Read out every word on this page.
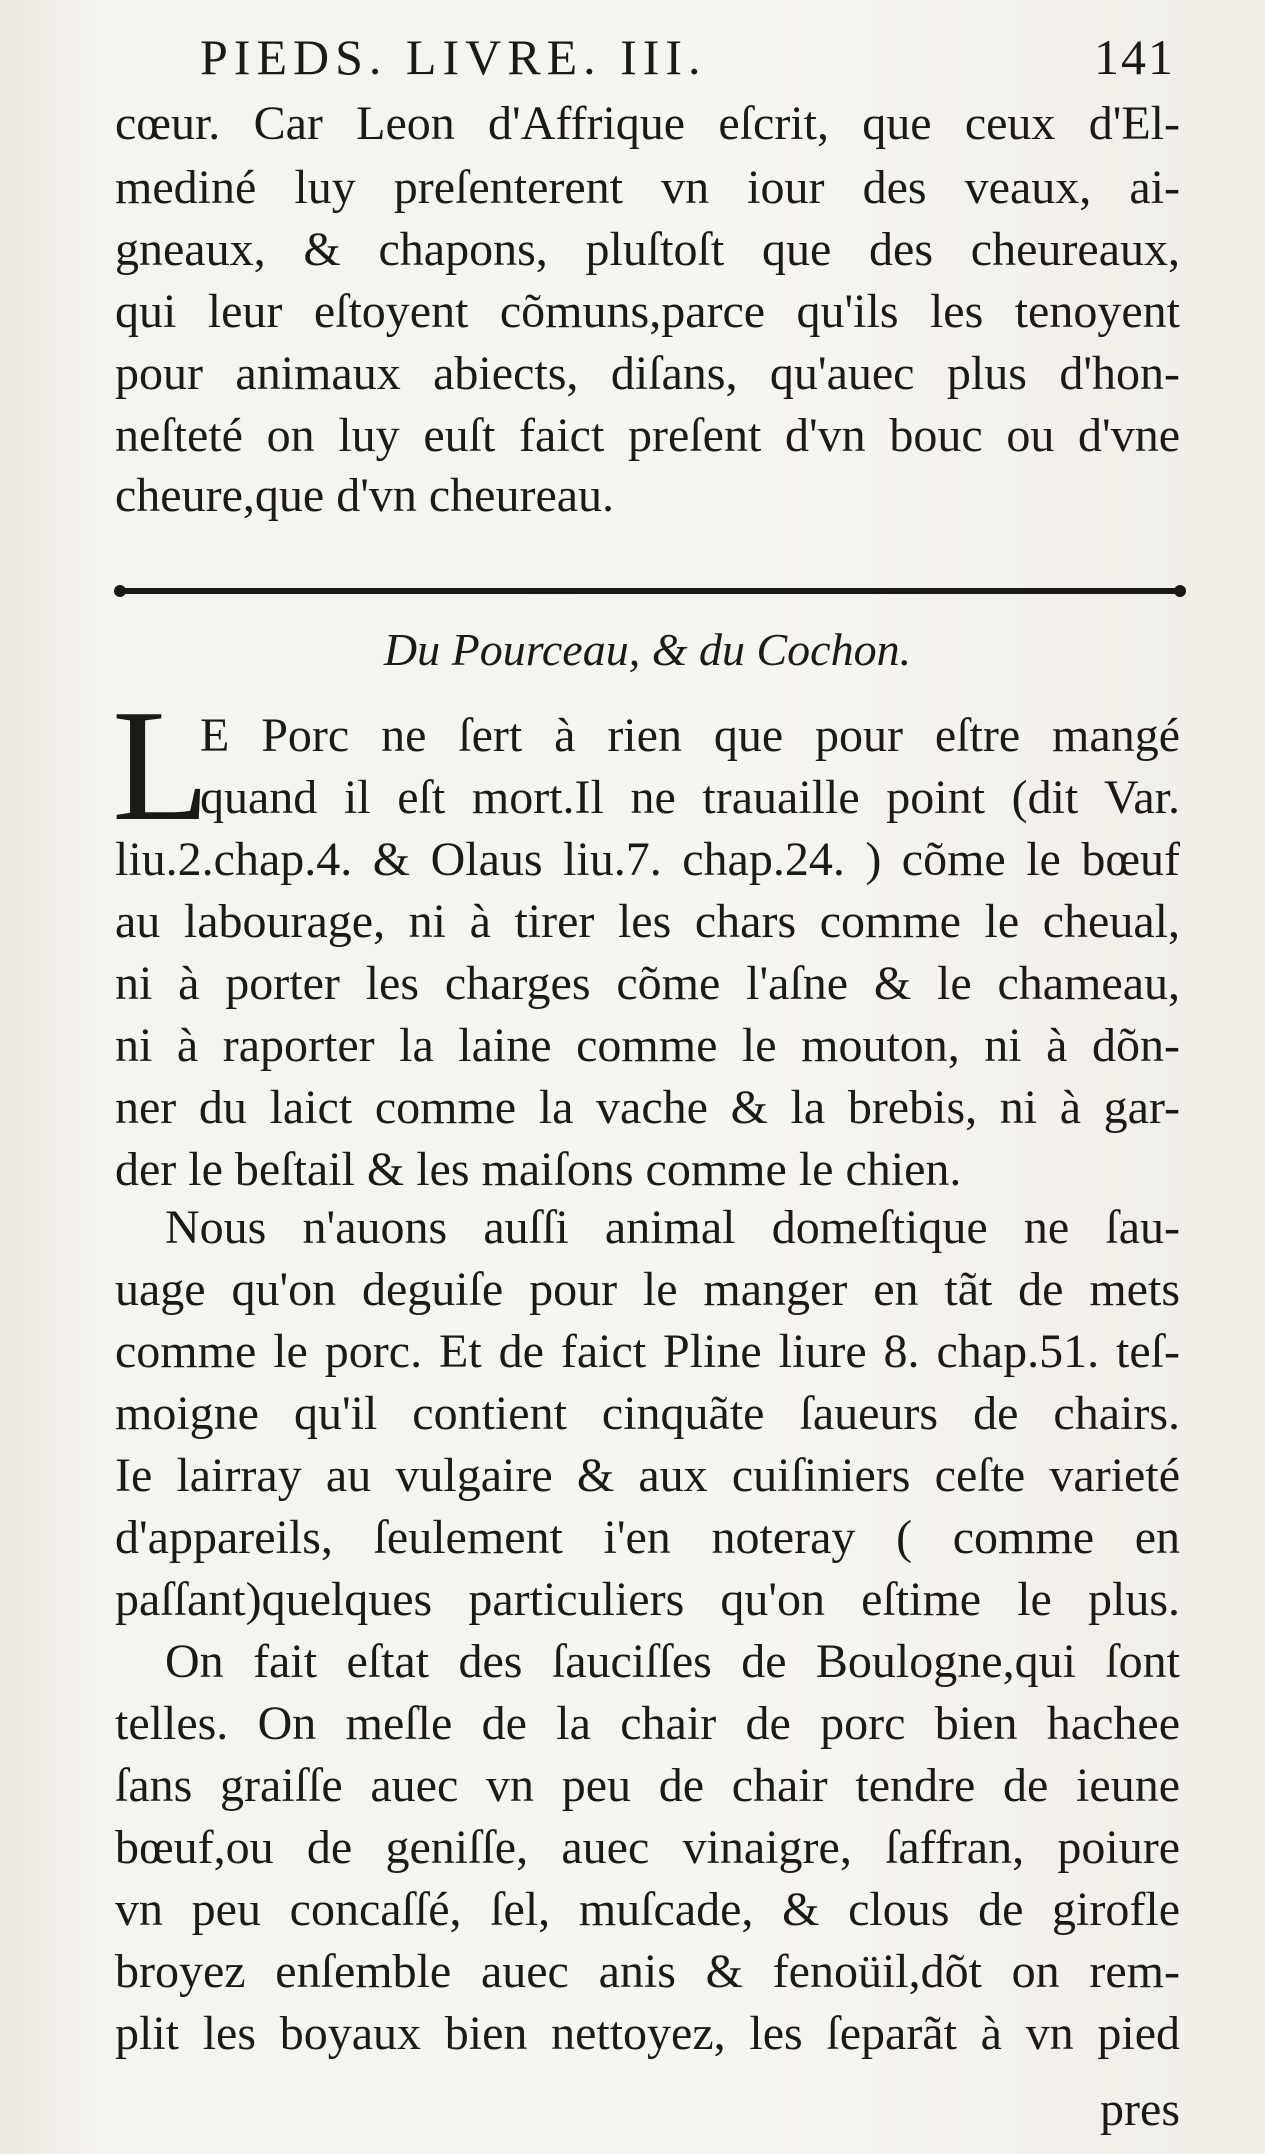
PIEDS. LIVRE. III.	141
cœur. Car Leon d'Affrique eſcrit, que ceux d'El-
mediné luy preſenterent vn iour des veaux, ai-
gneaux, & chapons, pluſtoſt que des cheureaux,
qui leur eſtoyent cõmuns,parce qu'ils les tenoyent
pour animaux abiects, diſans, qu'auec plus d'hon-
neſteté on luy euſt faict preſent d'vn bouc ou d'vne
cheure,que d'vn cheureau.
Du Pourceau, & du Cochon.
L
E Porc ne ſert à rien que pour eſtre mangé
quand il eſt mort.Il ne trauaille point (dit Var.
liu.2.chap.4. & Olaus liu.7. chap.24. ) cõme le bœuf
au labourage, ni à tirer les chars comme le cheual,
ni à porter les charges cõme l'aſne & le chameau,
ni à raporter la laine comme le mouton, ni à dõn-
ner du laict comme la vache & la brebis, ni à gar-
der le beſtail & les maiſons comme le chien.
Nous n'auons auſſi animal domeſtique ne ſau-
uage qu'on deguiſe pour le manger en tãt de mets
comme le porc. Et de faict Pline liure 8. chap.51. teſ-
moigne qu'il contient cinquãte ſaueurs de chairs.
Ie lairray au vulgaire & aux cuiſiniers ceſte varieté
d'appareils, ſeulement i'en noteray ( comme en
paſſant)quelques particuliers qu'on eſtime le plus.
On fait eſtat des ſauciſſes de Boulogne,qui ſont
telles. On meſle de la chair de porc bien hachee
ſans graiſſe auec vn peu de chair tendre de ieune
bœuf,ou de geniſſe, auec vinaigre, ſaffran, poiure
vn peu concaſſé, ſel, muſcade, & clous de girofle
broyez enſemble auec anis & fenoüil,dõt on rem-
plit les boyaux bien nettoyez, les ſeparãt à vn pied
pres
